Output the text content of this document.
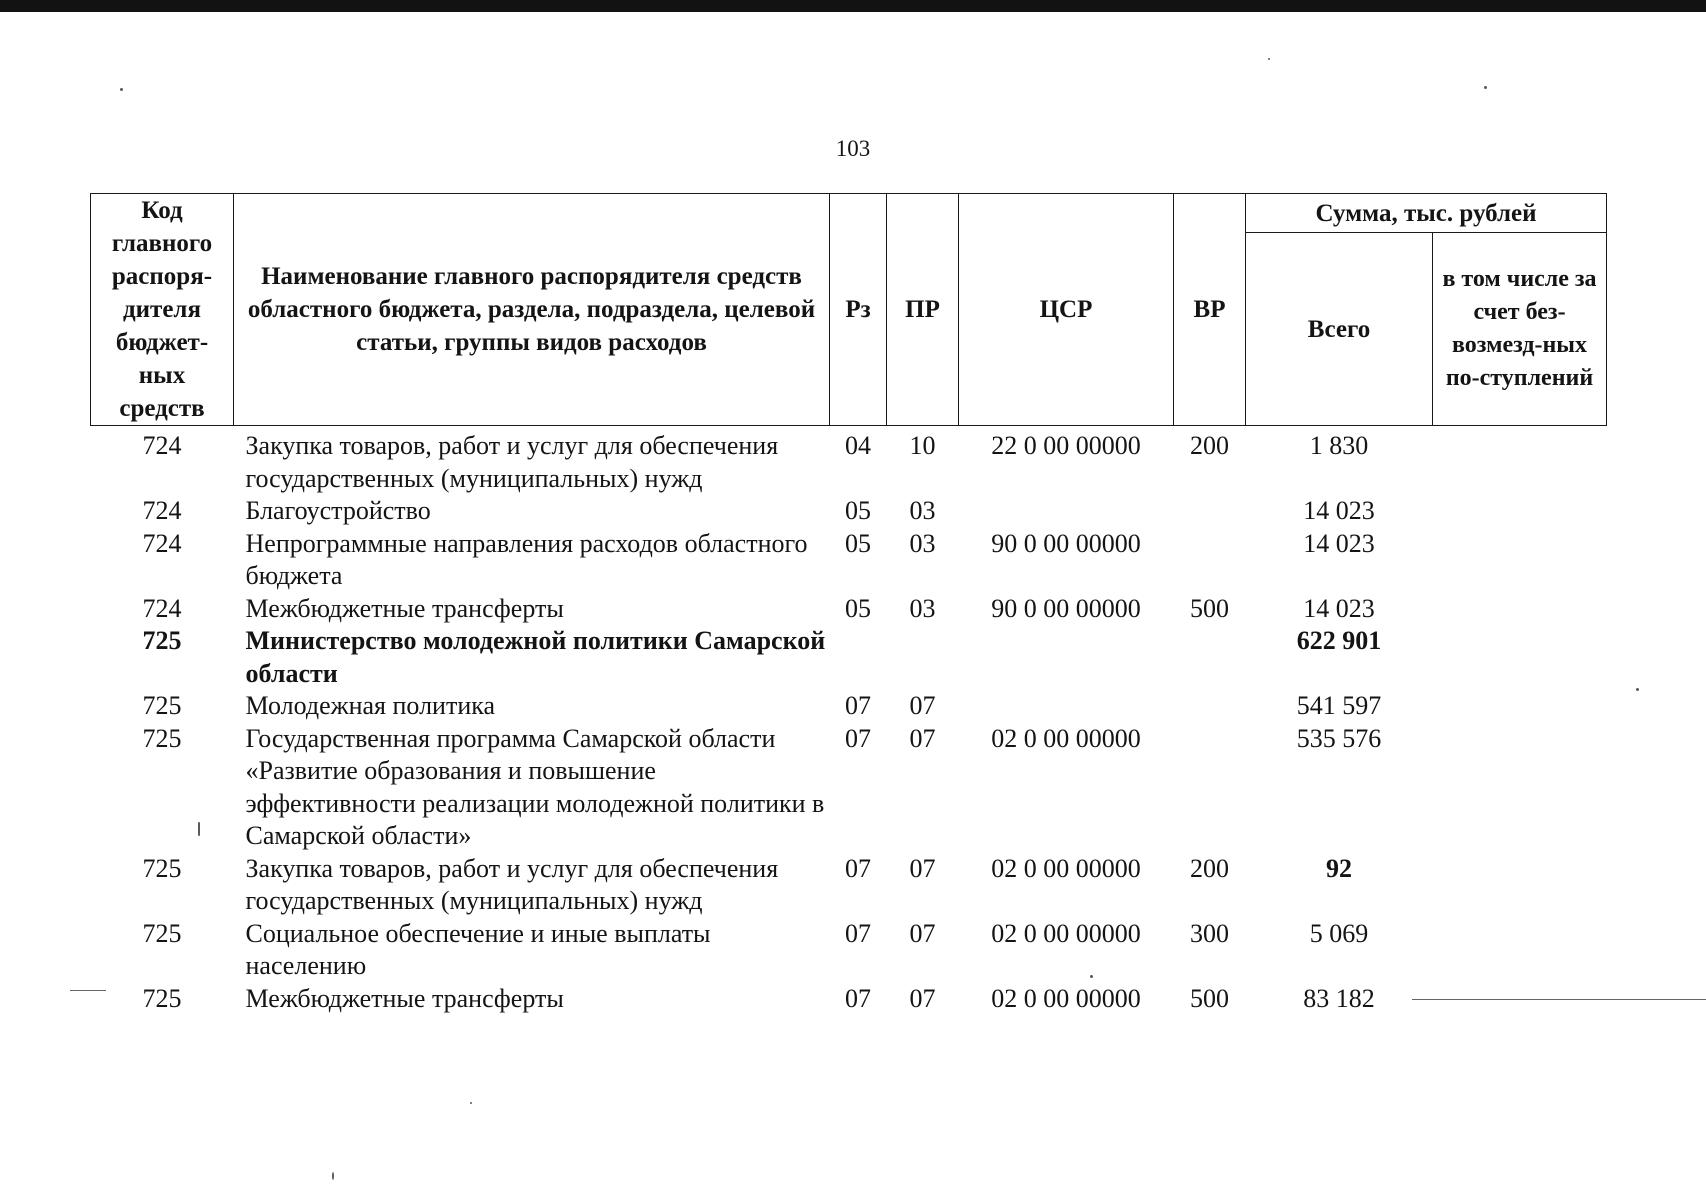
103
Код главного распоря-дителя бюджет-ных средств	Наименование главного распорядителя средств областного бюджета, раздела, подраздела, целевой статьи, группы видов расходов	Рз	ПР	ЦСР	ВР	Сумма, тыс. рублей	
						Всего	в том числе за счет без-возмезд-ных по-ступлений
724	Закупка товаров, работ и услуг для обеспечения государственных (муниципальных) нужд	04	10	22 0 00 00000	200	1 830	
724	Благоустройство	05	03			14 023	
724	Непрограммные направления расходов областного бюджета	05	03	90 0 00 00000		14 023	
724	Межбюджетные трансферты	05	03	90 0 00 00000	500	14 023	
725	Министерство молодежной политики Самарской области					622 901	
725	Молодежная политика	07	07			541 597	
725	Государственная программа Самарской области «Развитие образования и повышение эффективности реализации молодежной политики в Самарской области»	07	07	02 0 00 00000		535 576	
725	Закупка товаров, работ и услуг для обеспечения государственных (муниципальных) нужд	07	07	02 0 00 00000	200	92	
725	Социальное обеспечение и иные выплаты населению	07	07	02 0 00 00000	300	5 069	
725	Межбюджетные трансферты	07	07	02 0 00 00000	500	83 182	
